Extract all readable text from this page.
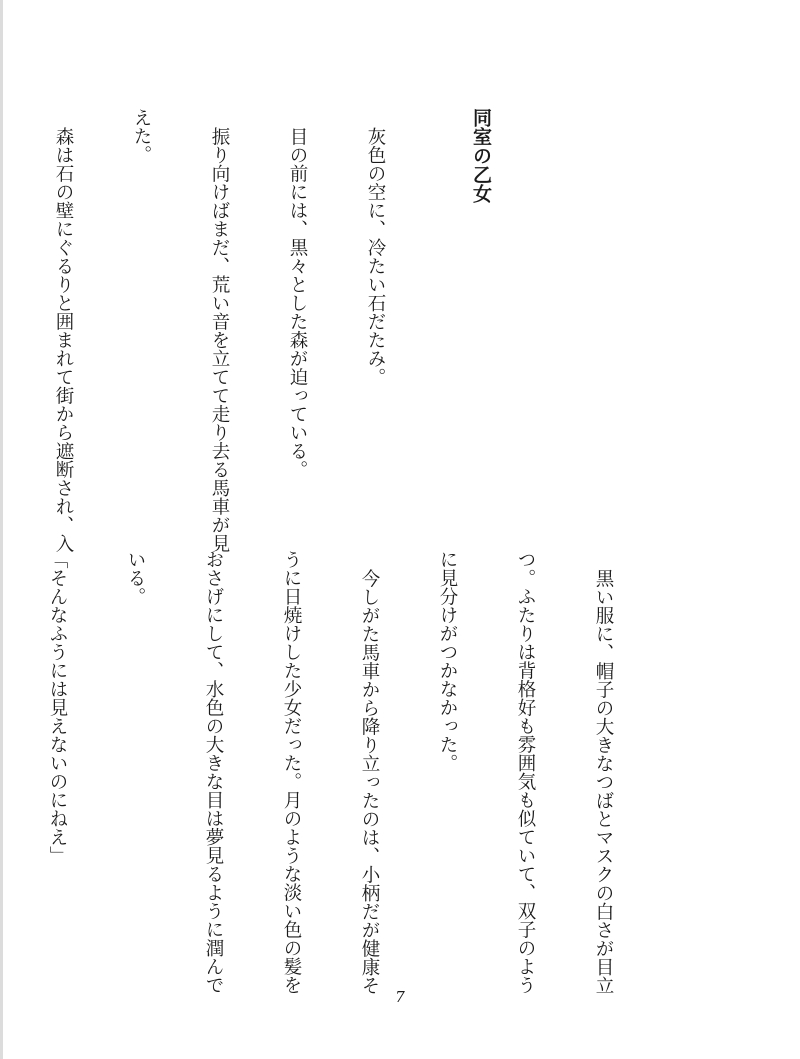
同室の乙女

灰色の空に、冷たい石だたみ。

目の前には、黒々とした森が迫っている。

振り向けばまだ、荒い音を立てて走り去る馬車が見

えた。

森は石の壁にぐるりと囲まれて街から遮断され、入

黒い服に、帽子の大きなつばとマスクの白さが目立

つ。ふたりは背格好も雰囲気も似ていて、双子のよう

に見分けがつかなかった。

今しがた馬車から降り立ったのは、小柄だが健康そ

うに日焼けした少女だった。月のような淡い色の髪を

おさげにして、水色の大きな目は夢見るように潤んで

いる。

「そんなふうには見えないのにねえ」

7
